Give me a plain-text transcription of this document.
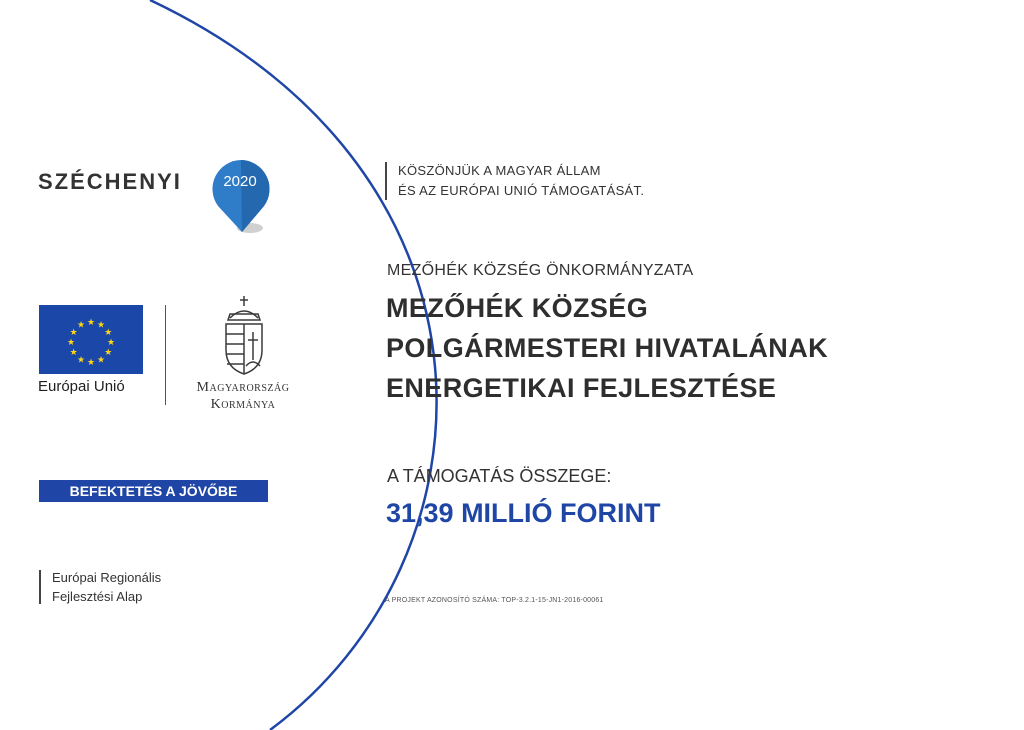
SZÉCHENYI	2020
★ ★
★
★
★
★
★
★
★
★
★
★
Európai Unió	Magyarország
Kormánya
BEFEKTETÉS A JÖVŐBE
Európai Regionális
Fejlesztési Alap
KÖSZÖNJÜK A MAGYAR ÁLLAM
ÉS AZ EURÓPAI UNIÓ TÁMOGATÁSÁT.
MEZŐHÉK KÖZSÉG ÖNKORMÁNYZATA
MEZŐHÉK KÖZSÉG
POLGÁRMESTERI HIVATALÁNAK
ENERGETIKAI FEJLESZTÉSE
A TÁMOGATÁS ÖSSZEGE:
31,39 MILLIÓ FORINT
A PROJEKT AZONOSÍTÓ SZÁMA: TOP-3.2.1-15-JN1-2016-00061
